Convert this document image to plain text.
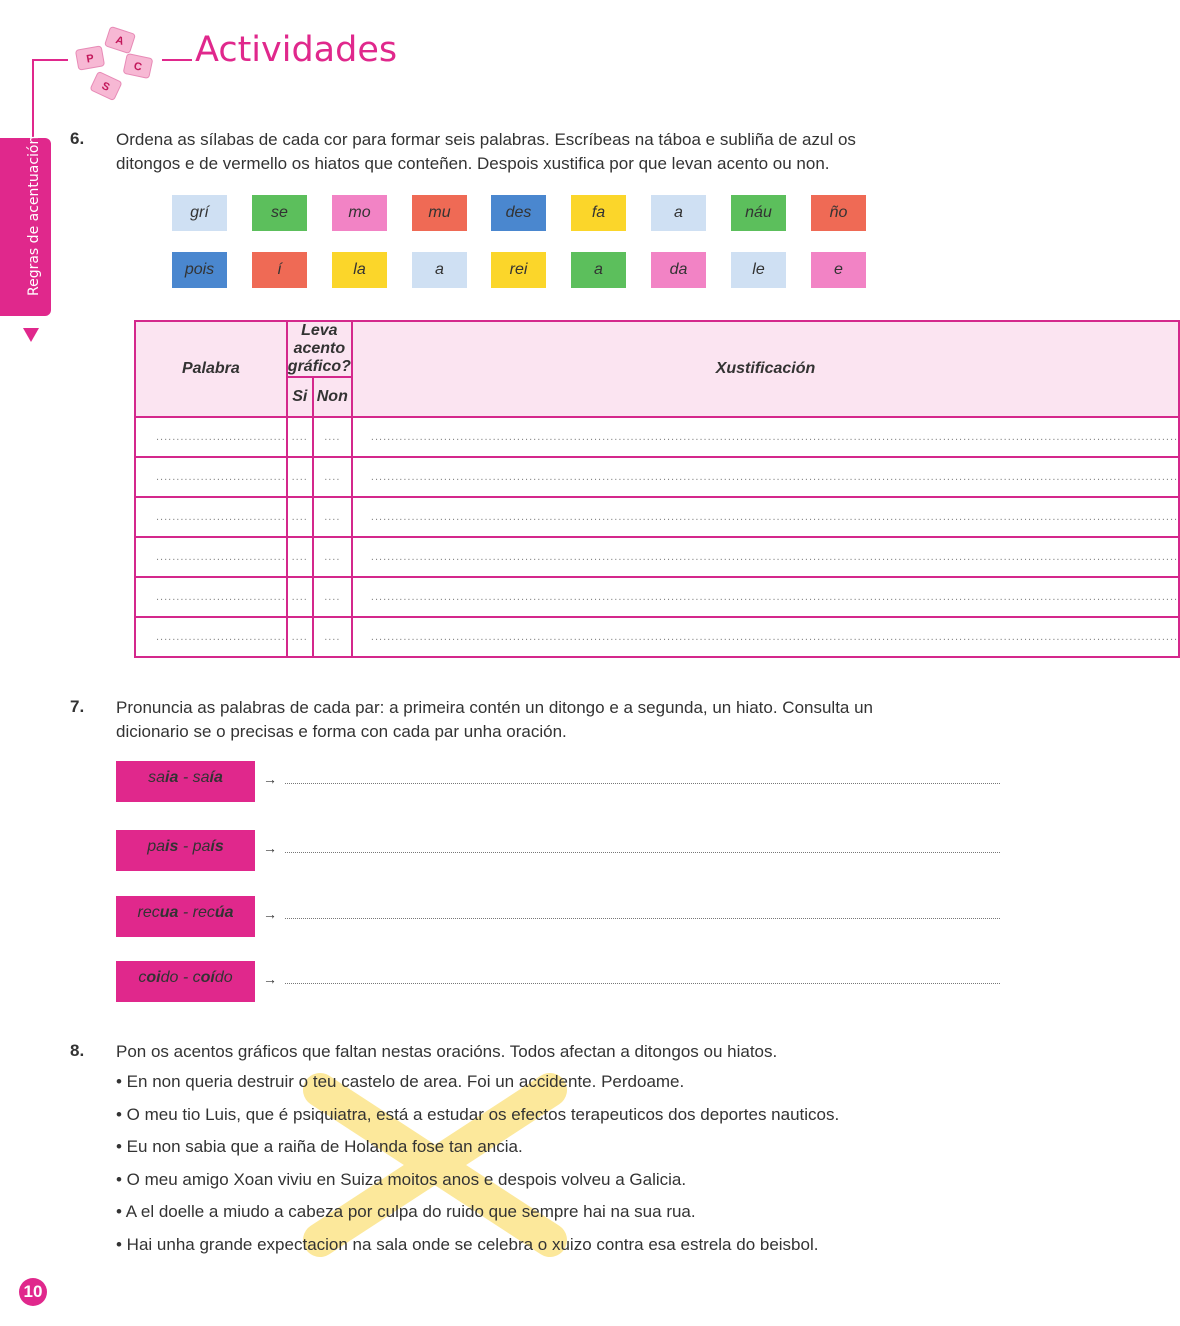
A
P
C
S
Actividades
Regras de acentuación 6. Ordena as sílabas de cada cor para formar seis palabras. Escríbeas na táboa e subliña de azul os ditongos e de vermello os hiatos que conteñen. Despois xustifica por que levan acento ou non.
grí	se	mo	mu	des	fa	a	náu	ño
pois	í	la	a	rei	a	da	le	e
Palabra	Leva acento gráfico?		Xustificación
	Si	Non	

................................	....	....	.......................................................................................................................................................................................................

................................	....	....	.......................................................................................................................................................................................................

................................	....	....	.......................................................................................................................................................................................................

................................	....	....	.......................................................................................................................................................................................................

................................	....	....	.......................................................................................................................................................................................................

................................	....	....	.......................................................................................................................................................................................................
7. Pronuncia as palabras de cada par: a primeira contén un ditongo e a segunda, un hiato. Consulta un dicionario se o precisas e forma con cada par unha oración.
sa ia - sa ía	→
pa is - pa ís	→
rec ua - rec úa →
c oi do - c oí do →
8. Pon os acentos gráficos que faltan nestas oracións. Todos afectan a ditongos ou hiatos.
• En non queria destruir o teu castelo de area. Foi un accidente. Perdoame.
• O meu tio Luis, que é psiquiatra, está a estudar os efectos terapeuticos dos deportes nauticos.
• Eu non sabia que a raiña de Holanda fose tan ancia.
• O meu amigo Xoan viviu en Suiza moitos anos e despois volveu a Galicia.
• A el doelle a miudo a cabeza por culpa do ruido que sempre hai na sua rua.
• Hai unha grande expectacion na sala onde se celebra o xuizo contra esa estrela do beisbol.
10
